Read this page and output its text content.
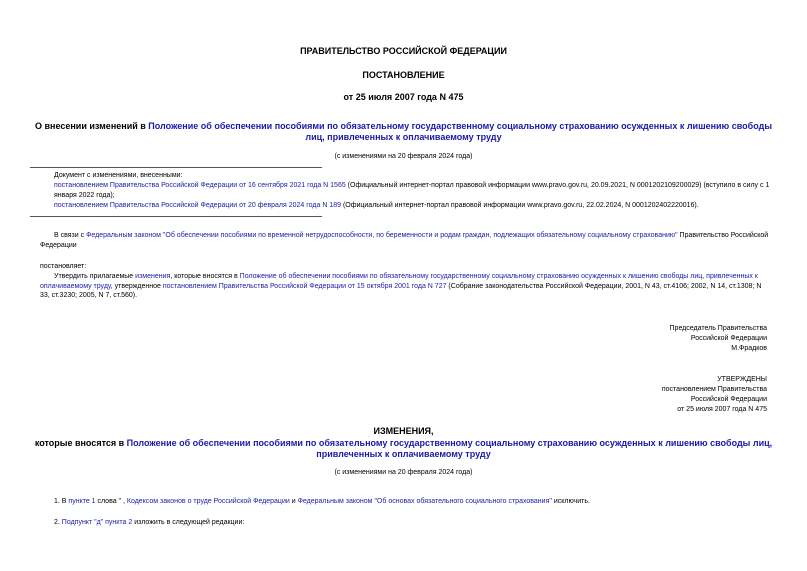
ПРАВИТЕЛЬСТВО РОССИЙСКОЙ ФЕДЕРАЦИИ
ПОСТАНОВЛЕНИЕ
от 25 июля 2007 года N 475
О внесении изменений в Положение об обеспечении пособиями по обязательному государственному социальному страхованию осужденных к лишению свободы лиц, привлеченных к оплачиваемому труду
(с изменениями на 20 февраля 2024 года)
Документ с изменениями, внесенными:
постановлением Правительства Российской Федерации от 16 сентября 2021 года N 1565 (Официальный интернет-портал правовой информации www.pravo.gov.ru, 20.09.2021, N 0001202109200029) (вступило в силу с 1 января 2022 года);
постановлением Правительства Российской Федерации от 20 февраля 2024 года N 189 (Официальный интернет-портал правовой информации www.pravo.gov.ru, 22.02.2024, N 0001202402220016).
В связи с Федеральным законом "Об обеспечении пособиями по временной нетрудоспособности, по беременности и родам граждан, подлежащих обязательному социальному страхованию" Правительство Российской Федерации
постановляет:
Утвердить прилагаемые изменения, которые вносятся в Положение об обеспечении пособиями по обязательному государственному социальному страхованию осужденных к лишению свободы лиц, привлеченных к оплачиваемому труду, утвержденное постановлением Правительства Российской Федерации от 15 октября 2001 года N 727 (Собрание законодательства Российской Федерации, 2001, N 43, ст.4106; 2002, N 14, ст.1308; N 33, ст.3230; 2005, N 7, ст.560).
Председатель Правительства
Российской Федерации
М.Фрадков
УТВЕРЖДЕНЫ
постановлением Правительства
Российской Федерации
от 25 июля 2007 года N 475
ИЗМЕНЕНИЯ,
которые вносятся в Положение об обеспечении пособиями по обязательному государственному социальному страхованию осужденных к лишению свободы лиц, привлеченных к оплачиваемому труду
(с изменениями на 20 февраля 2024 года)
1. В пункте 1 слова " , Кодексом законов о труде Российской Федерации и Федеральным законом "Об основах обязательного социального страхования" исключить.
2. Подпункт "д" пункта 2 изложить в следующей редакции:
